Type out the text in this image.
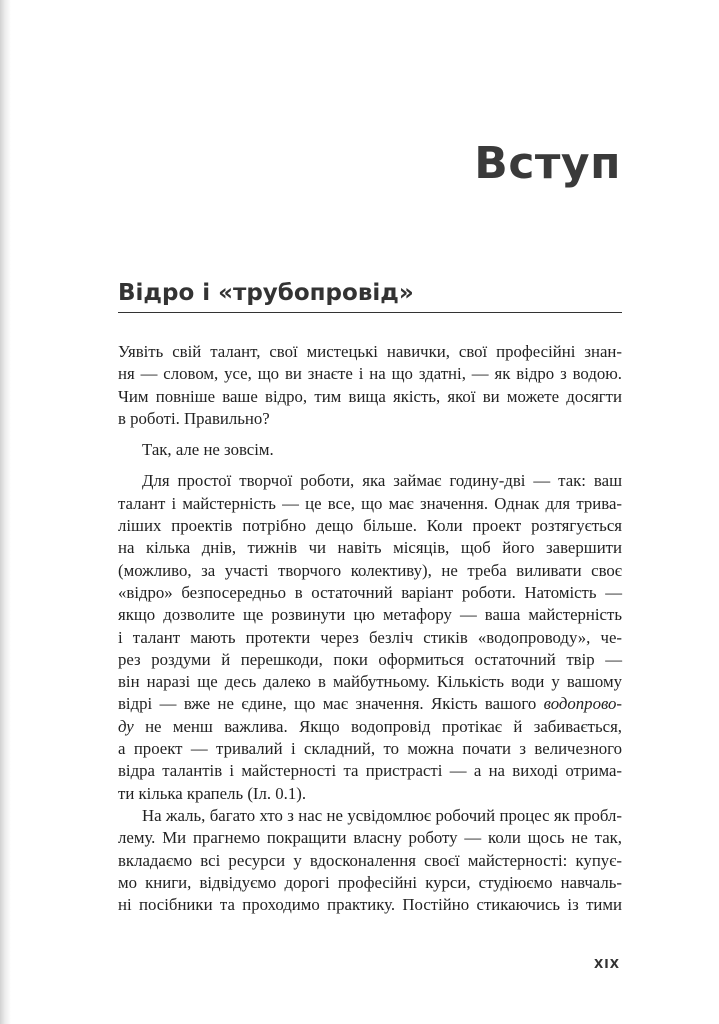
Вступ
Відро і «трубопровід»

Уявіть свій талант, свої мистецькі навички, свої професійні знан-
ня — словом, усе, що ви знаєте і на що здатні, — як відро з водою.
Чим повніше ваше відро, тим вища якість, якої ви можете досягти
в роботі. Правильно?

Так, але не зовсім.

Для простої творчої роботи, яка займає годину-дві — так: ваш
талант і майстерність — це все, що має значення. Однак для трива-
ліших проектів потрібно дещо більше. Коли проект розтягується
на кілька днів, тижнів чи навіть місяців, щоб його завершити
(можливо, за участі творчого колективу), не треба виливати своє
«відро» безпосередньо в остаточний варіант роботи. Натомість —
якщо дозволите ще розвинути цю метафору — ваша майстерність
і талант мають протекти через безліч стиків «водопроводу», че-
рез роздуми й перешкоди, поки оформиться остаточний твір —
він наразі ще десь далеко в майбутньому. Кількість води у вашому
відрі — вже не єдине, що має значення. Якість вашого водопрово-
ду не менш важлива. Якщо водопровід протікає й забивається,
а проект — тривалий і складний, то можна почати з величезного
відра талантів і майстерності та пристрасті — а на виході отрима-
ти кілька крапель (Іл. 0.1).

На жаль, багато хто з нас не усвідомлює робочий процес як пробл-
лему. Ми прагнемо покращити власну роботу — коли щось не так,
вкладаємо всі ресурси у вдосконалення своєї майстерності: купує-
мо книги, відвідуємо дорогі професійні курси, студіюємо навчаль-
ні посібники та проходимо практику. Постійно стикаючись із тими

XIX
